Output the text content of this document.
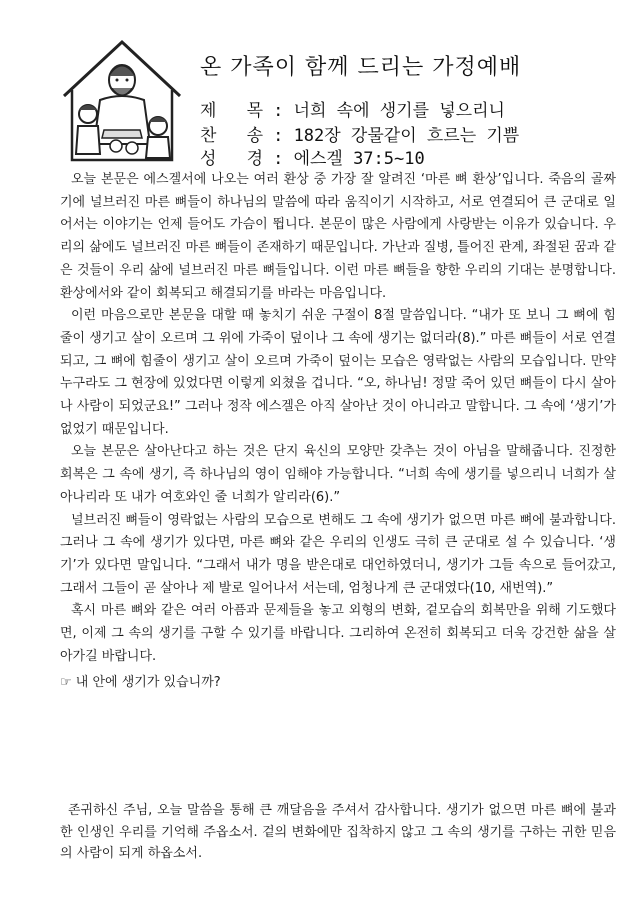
온 가족이 함께 드리는 가정예배
제 목: 너희 속에 생기를 넣으리니
찬 송: 182장 강물같이 흐르는 기쁨
성 경: 에스겔 37:5~10

오늘 본문은 에스겔서에 나오는 여러 환상 중 가장 잘 알려진 ‘마른 뼈 환상’입니다. 죽음의 골짜기에 널브러진 마른 뼈들이 하나님의 말씀에 따라 움직이기 시작하고, 서로 연결되어 큰 군대로 일어서는 이야기는 언제 들어도 가슴이 뜁니다. 본문이 많은 사람에게 사랑받는 이유가 있습니다. 우리의 삶에도 널브러진 마른 뼈들이 존재하기 때문입니다. 가난과 질병, 틀어진 관계, 좌절된 꿈과 같은 것들이 우리 삶에 널브러진 마른 뼈들입니다. 이런 마른 뼈들을 향한 우리의 기대는 분명합니다. 환상에서와 같이 회복되고 해결되기를 바라는 마음입니다.

이런 마음으로만 본문을 대할 때 놓치기 쉬운 구절이 8절 말씀입니다. “내가 또 보니 그 뼈에 힘줄이 생기고 살이 오르며 그 위에 가죽이 덮이나 그 속에 생기는 없더라(8).” 마른 뼈들이 서로 연결되고, 그 뼈에 힘줄이 생기고 살이 오르며 가죽이 덮이는 모습은 영락없는 사람의 모습입니다. 만약 누구라도 그 현장에 있었다면 이렇게 외쳤을 겁니다. “오, 하나님! 정말 죽어 있던 뼈들이 다시 살아나 사람이 되었군요!” 그러나 정작 에스겔은 아직 살아난 것이 아니라고 말합니다. 그 속에 ‘생기’가 없었기 때문입니다.

오늘 본문은 살아난다고 하는 것은 단지 육신의 모양만 갖추는 것이 아님을 말해줍니다. 진정한 회복은 그 속에 생기, 즉 하나님의 영이 임해야 가능합니다. “너희 속에 생기를 넣으리니 너희가 살아나리라 또 내가 여호와인 줄 너희가 알리라(6).”

널브러진 뼈들이 영락없는 사람의 모습으로 변해도 그 속에 생기가 없으면 마른 뼈에 불과합니다. 그러나 그 속에 생기가 있다면, 마른 뼈와 같은 우리의 인생도 극히 큰 군대로 설 수 있습니다. ‘생기’가 있다면 말입니다. “그래서 내가 명을 받은대로 대언하였더니, 생기가 그들 속으로 들어갔고, 그래서 그들이 곧 살아나 제 발로 일어나서 서는데, 엄청나게 큰 군대였다(10, 새번역).”

혹시 마른 뼈와 같은 여러 아픔과 문제들을 놓고 외형의 변화, 겉모습의 회복만을 위해 기도했다면, 이제 그 속의 생기를 구할 수 있기를 바랍니다. 그리하여 온전히 회복되고 더욱 강건한 삶을 살아가길 바랍니다.

☞ 내 안에 생기가 있습니까?

존귀하신 주님, 오늘 말씀을 통해 큰 깨달음을 주셔서 감사합니다. 생기가 없으면 마른 뼈에 불과한 인생인 우리를 기억해 주옵소서. 겉의 변화에만 집착하지 않고 그 속의 생기를 구하는 귀한 믿음의 사람이 되게 하옵소서.
